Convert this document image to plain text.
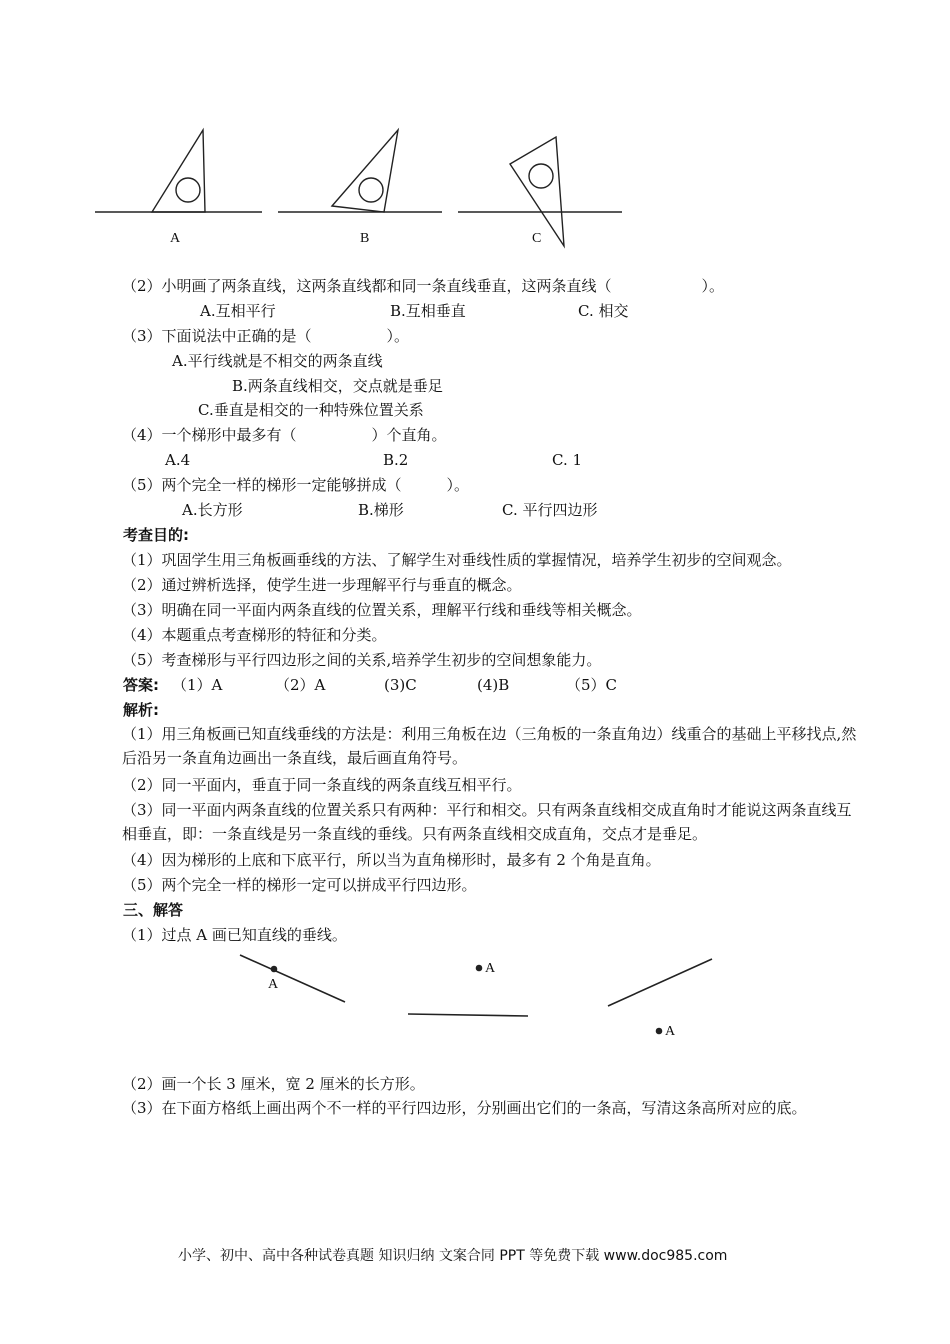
A	B	C
（2）小明画了两条直线，这两条直线都和同一条直线垂直，这两条直线（　　　　　　）。
A.互相平行	B.互相垂直	C. 相交
（3）下面说法中正确的是（　　　　　）。
A.平行线就是不相交的两条直线
B.两条直线相交，交点就是垂足
C.垂直是相交的一种特殊位置关系
（4）一个梯形中最多有（　　　　　）个直角。
A.4	B.2	C. 1
（5）两个完全一样的梯形一定能够拼成（　　　）。
A.长方形	B.梯形	C. 平行四边形
考查目的:
（1）巩固学生用三角板画垂线的方法、了解学生对垂线性质的掌握情况，培养学生初步的空间观念。
（2）通过辨析选择，使学生进一步理解平行与垂直的概念。
（3）明确在同一平面内两条直线的位置关系，理解平行线和垂线等相关概念。
（4）本题重点考查梯形的特征和分类。
（5）考查梯形与平行四边形之间的关系,培养学生初步的空间想象能力。
答案: （1）A	（2）A	(3)C	(4)B	（5）C
解析:
（1）用三角板画已知直线垂线的方法是：利用三角板在边（三角板的一条直角边）线重合的基础上平移找点,然后沿另一条直角边画出一条直线，最后画直角符号。
（2）同一平面内，垂直于同一条直线的两条直线互相平行。
（3）同一平面内两条直线的位置关系只有两种：平行和相交。只有两条直线相交成直角时才能说这两条直线互相垂直，即：一条直线是另一条直线的垂线。只有两条直线相交成直角，交点才是垂足。
（4）因为梯形的上底和下底平行，所以当为直角梯形时，最多有 2 个角是直角。
（5）两个完全一样的梯形一定可以拼成平行四边形。
三、解答
（1）过点 A 画已知直线的垂线。
A
A
A
（2）画一个长 3 厘米，宽 2 厘米的长方形。
（3）在下面方格纸上画出两个不一样的平行四边形，分别画出它们的一条高，写清这条高所对应的底。
小学、初中、高中各种试卷真题 知识归纳 文案合同 PPT 等免费下载 www.doc985.com
